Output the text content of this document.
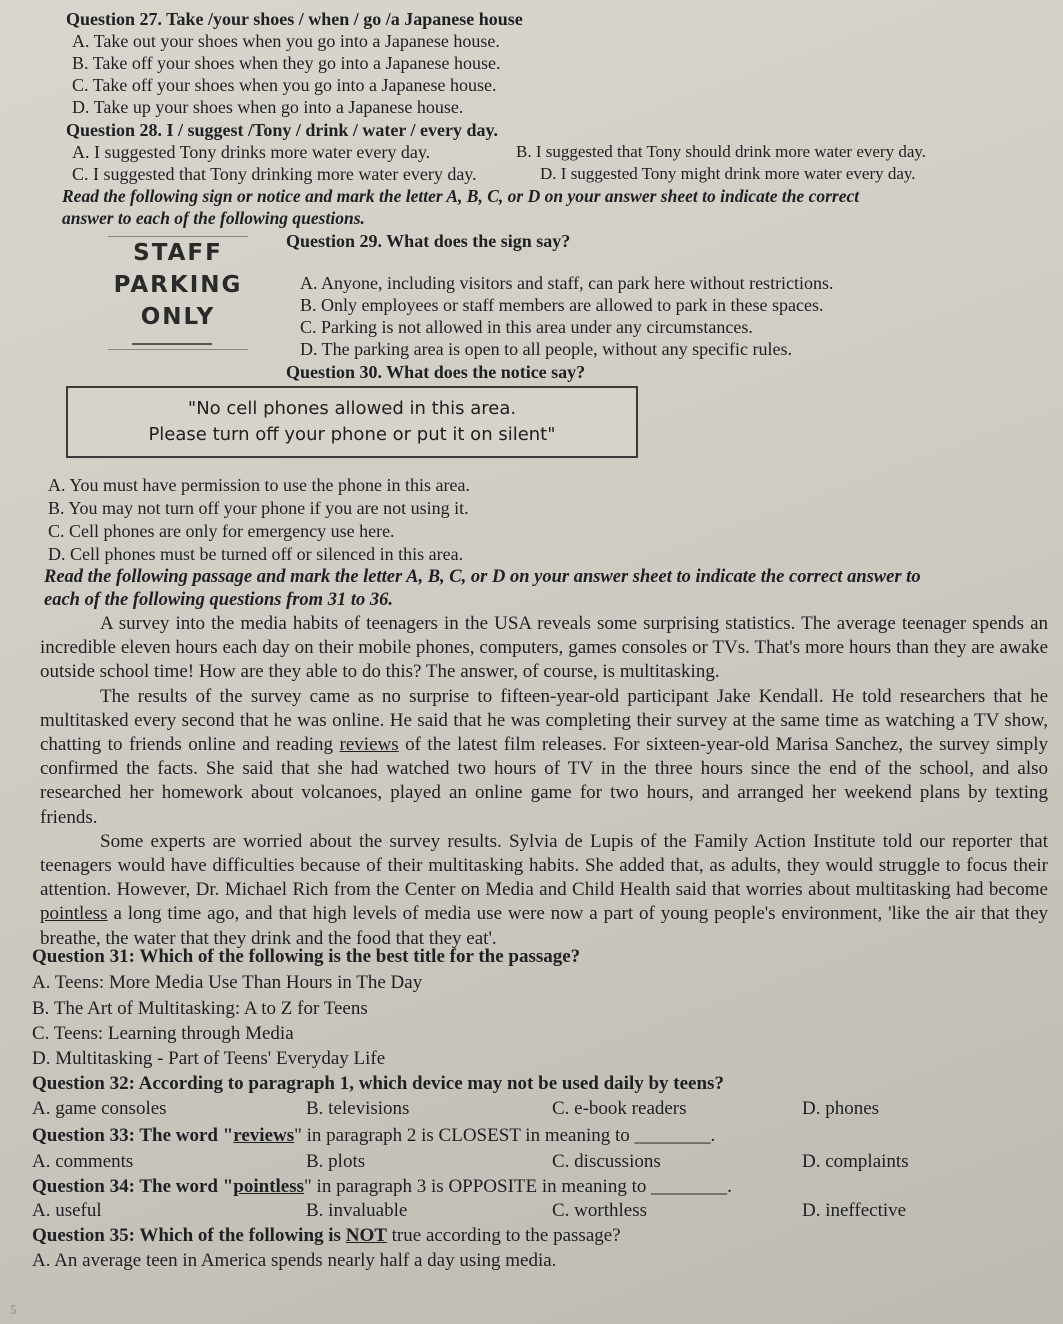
Question 27. Take /your shoes / when / go /a Japanese house
A. Take out your shoes when you go into a Japanese house.
B. Take off your shoes when they go into a Japanese house.
C. Take off your shoes when you go into a Japanese house.
D. Take up your shoes when go into a Japanese house.
Question 28. I / suggest /Tony / drink / water / every day.
A. I suggested Tony drinks more water every day.	B. I suggested that Tony should drink more water every day.
C. I suggested that Tony drinking more water every day.	D. I suggested Tony might drink more water every day.
Read the following sign or notice and mark the letter A, B, C, or D on your answer sheet to indicate the correct
answer to each of the following questions.
STAFF
PARKING
ONLY
Question 29. What does the sign say?
A. Anyone, including visitors and staff, can park here without restrictions.
B. Only employees or staff members are allowed to park in these spaces.
C. Parking is not allowed in this area under any circumstances.
D. The parking area is open to all people, without any specific rules.
Question 30. What does the notice say?
"No cell phones allowed in this area.
Please turn off your phone or put it on silent"
A. You must have permission to use the phone in this area.
B. You may not turn off your phone if you are not using it.
C. Cell phones are only for emergency use here.
D. Cell phones must be turned off or silenced in this area.
Read the following passage and mark the letter A, B, C, or D on your answer sheet to indicate the correct answer to
each of the following questions from 31 to 36.

A survey into the media habits of teenagers in the USA reveals some surprising statistics. The average teenager spends an incredible eleven hours each day on their mobile phones, computers, games consoles or TVs. That's more hours than they are awake outside school time! How are they able to do this? The answer, of course, is multitasking.

The results of the survey came as no surprise to fifteen-year-old participant Jake Kendall. He told researchers that he multitasked every second that he was online. He said that he was completing their survey at the same time as watching a TV show, chatting to friends online and reading reviews of the latest film releases. For sixteen-year-old Marisa Sanchez, the survey simply confirmed the facts. She said that she had watched two hours of TV in the three hours since the end of the school, and also researched her homework about volcanoes, played an online game for two hours, and arranged her weekend plans by texting friends.

Some experts are worried about the survey results. Sylvia de Lupis of the Family Action Institute told our reporter that teenagers would have difficulties because of their multitasking habits. She added that, as adults, they would struggle to focus their attention. However, Dr. Michael Rich from the Center on Media and Child Health said that worries about multitasking had become pointless a long time ago, and that high levels of media use were now a part of young people's environment, 'like the air that they breathe, the water that they drink and the food that they eat'.

Question 31: Which of the following is the best title for the passage?
A. Teens: More Media Use Than Hours in The Day
B. The Art of Multitasking: A to Z for Teens
C. Teens: Learning through Media
D. Multitasking - Part of Teens' Everyday Life
Question 32: According to paragraph 1, which device may not be used daily by teens?
A. game consoles	B. televisions	C. e-book readers	D. phones
Question 33: The word "reviews" in paragraph 2 is CLOSEST in meaning to ________.
A. comments	B. plots	C. discussions	D. complaints
Question 34: The word "pointless" in paragraph 3 is OPPOSITE in meaning to ________.
A. useful	B. invaluable	C. worthless	D. ineffective
Question 35: Which of the following is NOT true according to the passage?
A. An average teen in America spends nearly half a day using media.
5
